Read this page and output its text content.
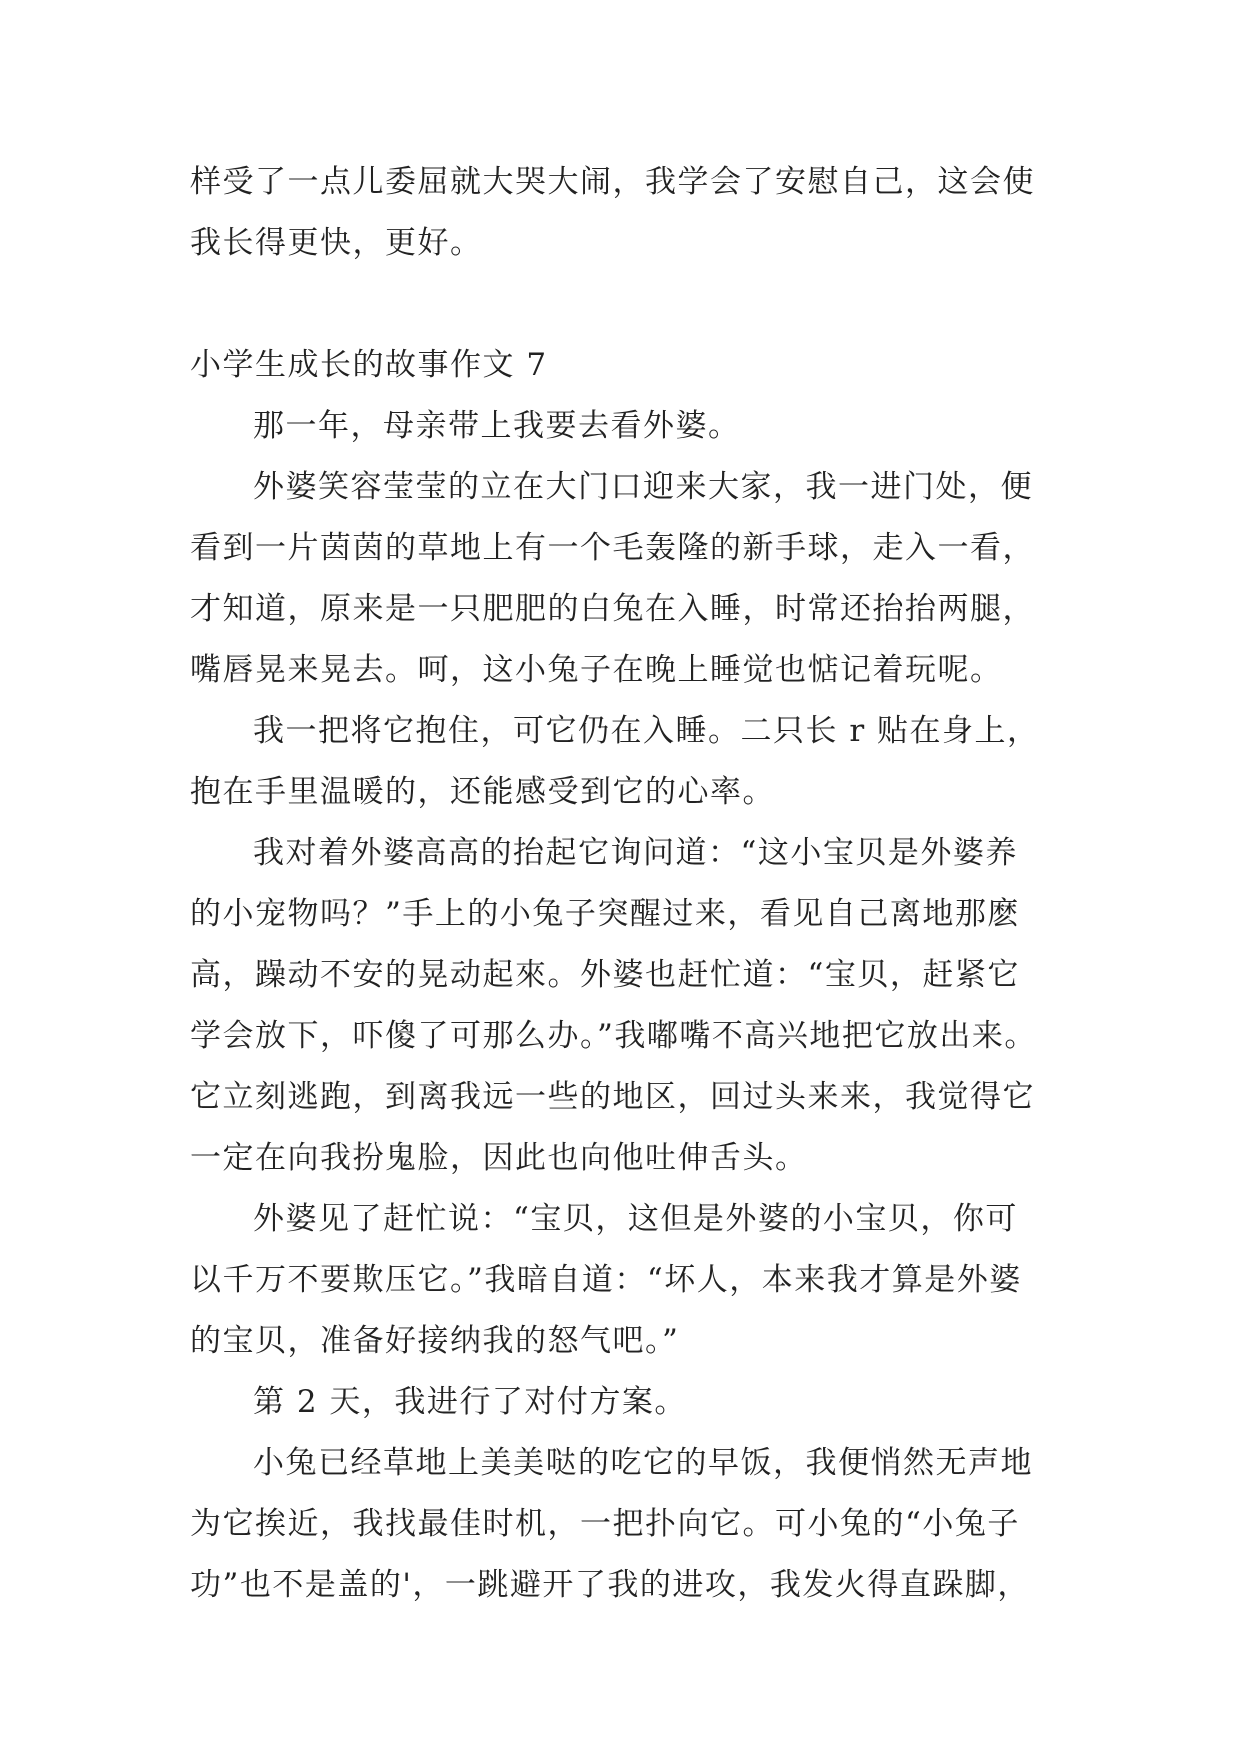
样受了一点儿委屈就大哭大闹，我学会了安慰自己，这会使
我长得更快，更好。
小学生成长的故事作文 7
那一年，母亲带上我要去看外婆。
外婆笑容莹莹的立在大门口迎来大家，我一进门处，便
看到一片茵茵的草地上有一个毛轰隆的新手球，走入一看，
才知道，原来是一只肥肥的白兔在入睡，时常还抬抬两腿，
嘴唇晃来晃去。呵，这小兔子在晚上睡觉也惦记着玩呢。
我一把将它抱住，可它仍在入睡。二只长 r 贴在身上，
抱在手里温暖的，还能感受到它的心率。
我对着外婆高高的抬起它询问道：“这小宝贝是外婆养
的小宠物吗？”手上的小兔子突醒过来，看见自己离地那麽
高，躁动不安的晃动起來。外婆也赶忙道：“宝贝，赶紧它
学会放下，吓傻了可那么办。”我嘟嘴不高兴地把它放出来。
它立刻逃跑，到离我远一些的地区，回过头来来，我觉得它
一定在向我扮鬼脸，因此也向他吐伸舌头。
外婆见了赶忙说：“宝贝，这但是外婆的小宝贝，你可
以千万不要欺压它。”我暗自道：“坏人，本来我才算是外婆
的宝贝，准备好接纳我的怒气吧。”
第 2 天，我进行了对付方案。
小兔已经草地上美美哒的吃它的早饭，我便悄然无声地
为它挨近，我找最佳时机，一把扑向它。可小兔的“小兔子
功”也不是盖的'，一跳避开了我的进攻，我发火得直跺脚，
